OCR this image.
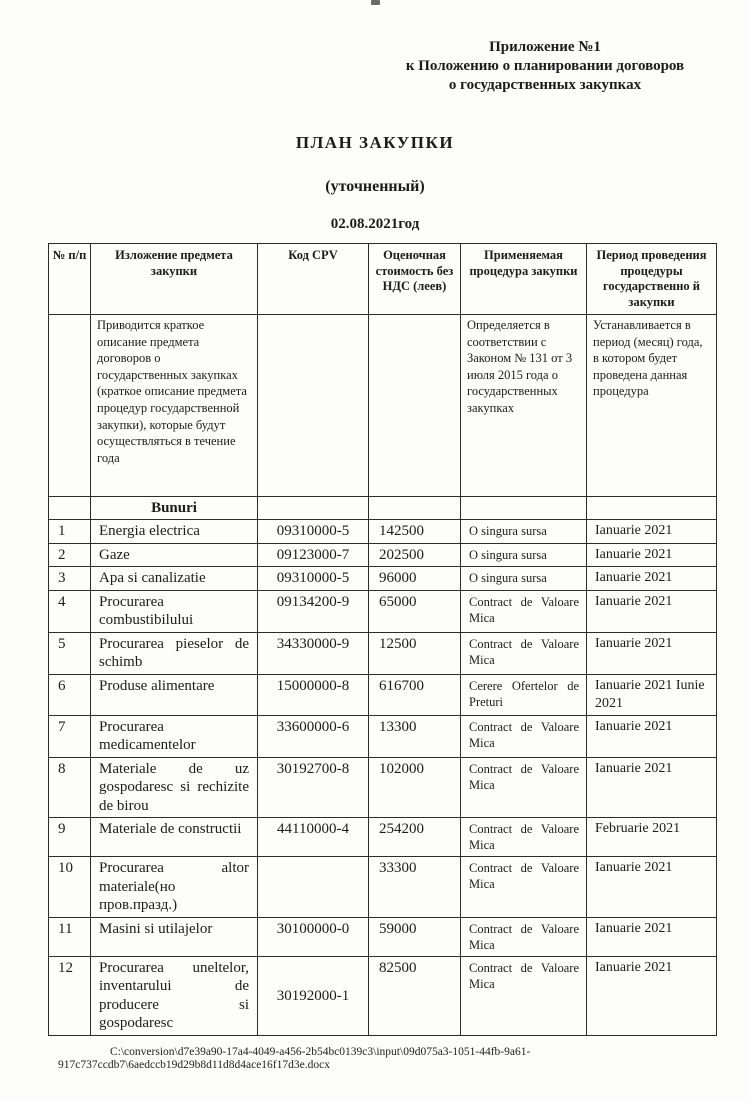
Приложение №1
к Положению о планировании договоров
о государственных закупках
ПЛАН ЗАКУПКИ
(уточненный)
02.08.2021год
№ п/п	Изложение предмета закупки	Код CPV	Оценочная стоимость без НДС (леев)	Применяемая процедура закупки	Период проведения процедуры государственно й закупки
	Приводится краткое описание предмета договоров о государственных закупках (краткое описание предмета процедур государственной закупки), которые будут осуществляться в течение года			Определяется в соответствии с Законом № 131 от 3 июля 2015 года о государственных закупках	Устанавливается в период (месяц) года, в котором будет проведена данная процедура
	Bunuri				
1	Energia electrica	09310000-5	142500	O singura sursa	Ianuarie 2021
2	Gaze	09123000-7	202500	O singura sursa	Ianuarie 2021
3	Apa si canalizatie	09310000-5	96000	O singura sursa	Ianuarie 2021
4	Procurarea combustibilului	09134200-9	65000	Contract de Valoare Mica	Ianuarie 2021
5	Procurarea pieselor de schimb	34330000-9	12500	Contract de Valoare Mica	Ianuarie 2021
6	Produse alimentare	15000000-8	616700	Cerere Ofertelor de Preturi	Ianuarie 2021 Iunie 2021
7	Procurarea medicamentelor	33600000-6	13300	Contract de Valoare Mica	Ianuarie 2021
8	Materiale de uz gospodaresc si rechizite de birou	30192700-8	102000	Contract de Valoare Mica	Ianuarie 2021
9	Materiale de constructii	44110000-4	254200	Contract de Valoare Mica	Februarie 2021
10	Procurarea altor materiale(но пров.празд.)		33300	Contract de Valoare Mica	Ianuarie 2021
11	Masini si utilajelor	30100000-0	59000	Contract de Valoare Mica	Ianuarie 2021
12	Procurarea uneltelor, inventarului de producere si gospodaresc	30192000-1	82500	Contract de Valoare Mica	Ianuarie 2021
C:\conversion\d7e39a90-17a4-4049-a456-2b54bc0139c3\input\09d075a3-1051-44fb-9a61-
917c737ccdb7\6aedccb19d29b8d11d8d4ace16f17d3e.docx
